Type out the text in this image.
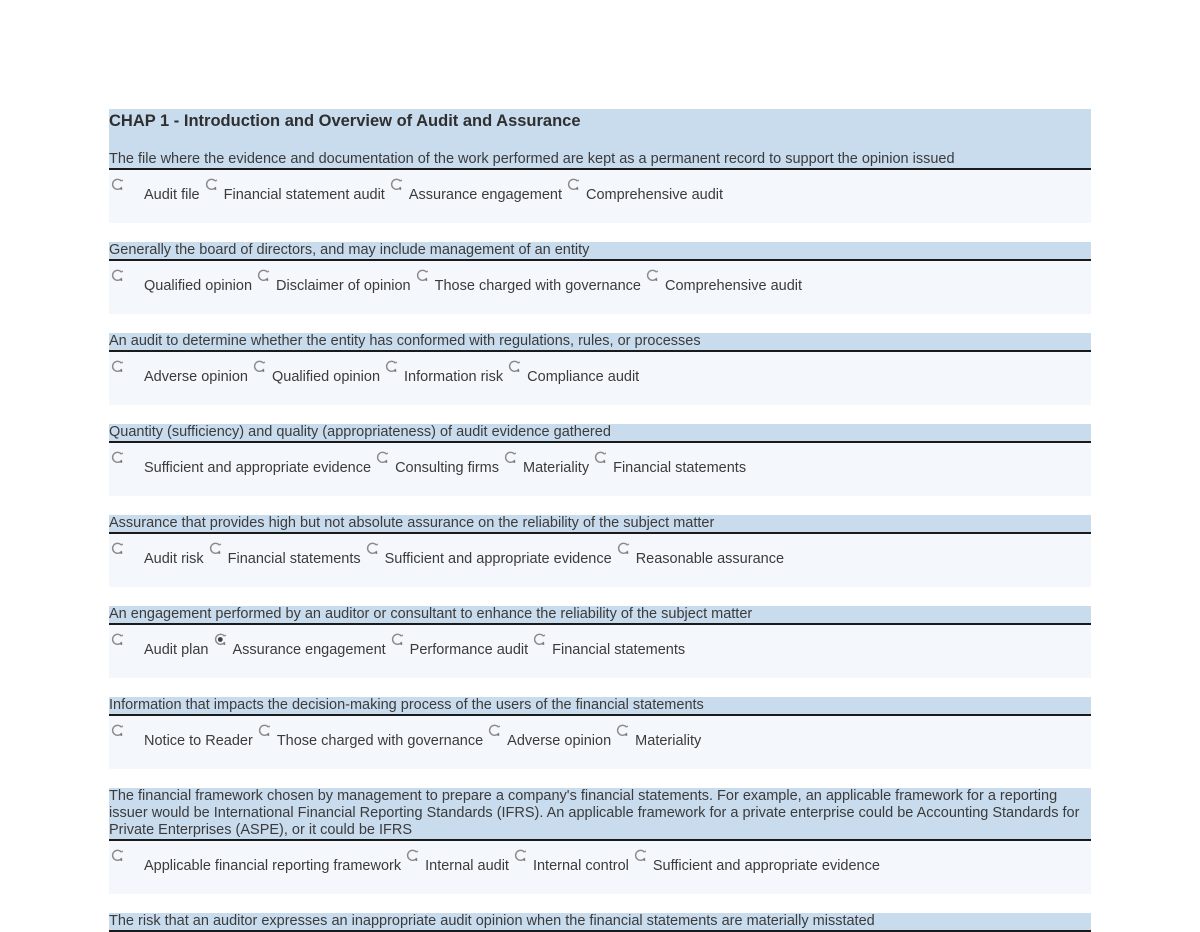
CHAP 1 - Introduction and Overview of Audit and Assurance
The file where the evidence and documentation of the work performed are kept as a permanent record to support the opinion issued
Audit file Financial statement audit Assurance engagement Comprehensive audit
Generally the board of directors, and may include management of an entity
Qualified opinion Disclaimer of opinion Those charged with governance Comprehensive audit
An audit to determine whether the entity has conformed with regulations, rules, or processes
Adverse opinion Qualified opinion Information risk Compliance audit
Quantity (sufficiency) and quality (appropriateness) of audit evidence gathered
Sufficient and appropriate evidence Consulting firms Materiality Financial statements
Assurance that provides high but not absolute assurance on the reliability of the subject matter
Audit risk Financial statements Sufficient and appropriate evidence Reasonable assurance
An engagement performed by an auditor or consultant to enhance the reliability of the subject matter
Audit plan Assurance engagement Performance audit Financial statements
Information that impacts the decision-making process of the users of the financial statements
Notice to Reader Those charged with governance Adverse opinion Materiality
The financial framework chosen by management to prepare a company's financial statements. For example, an applicable framework for a reporting issuer would be International Financial Reporting Standards (IFRS). An applicable framework for a private enterprise could be Accounting Standards for Private Enterprises (ASPE), or it could be IFRS
Applicable financial reporting framework Internal audit Internal control Sufficient and appropriate evidence
The risk that an auditor expresses an inappropriate audit opinion when the financial statements are materially misstated
